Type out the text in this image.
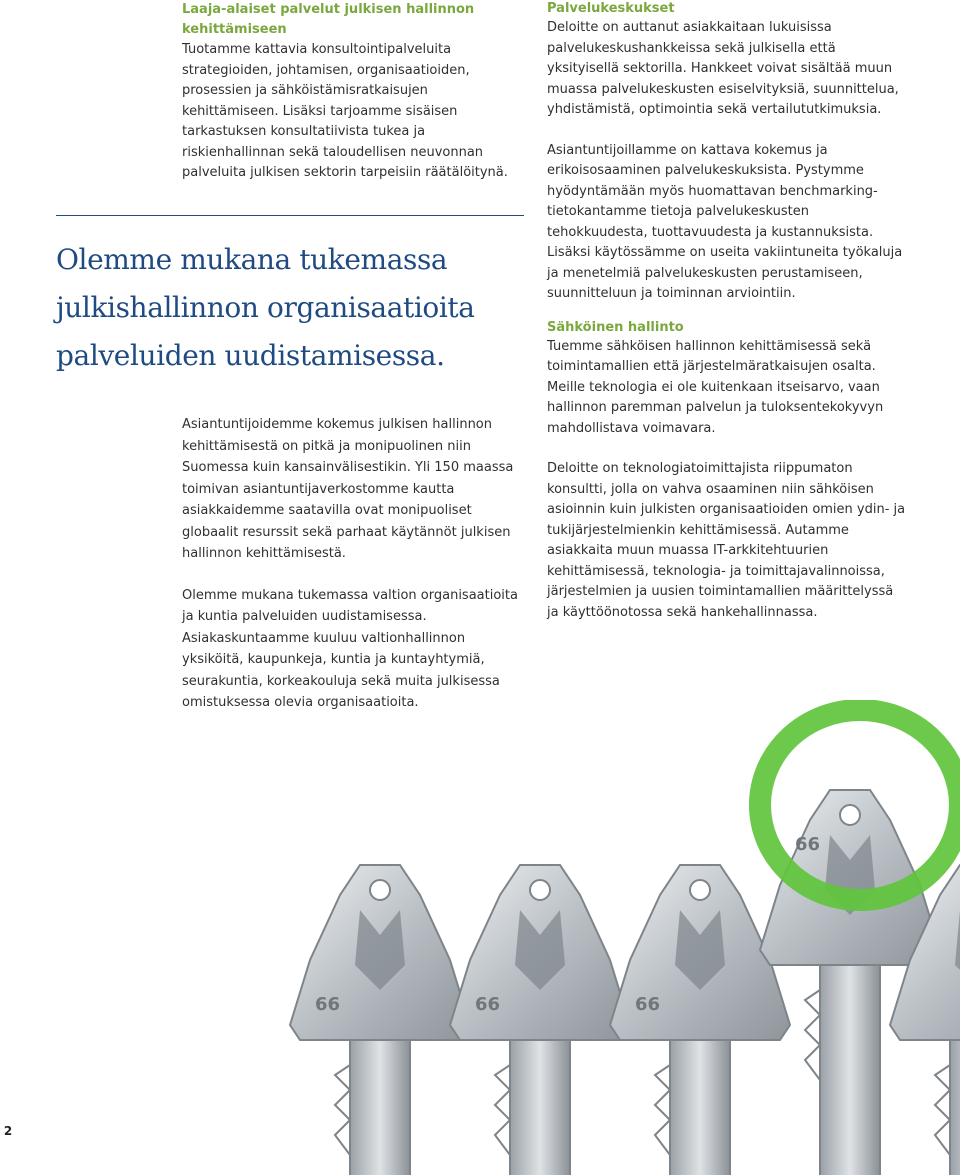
Laaja-alaiset palvelut julkisen hallinnon kehittämiseen

Tuotamme kattavia konsultointipalveluita strategioiden, johtamisen, organisaatioiden, prosessien ja sähköistämisratkaisujen kehittämiseen. Lisäksi tarjoamme sisäisen tarkastuksen konsultatiivista tukea ja riskienhallinnan sekä taloudellisen neuvonnan palveluita julkisen sektorin tarpeisiin räätälöitynä.

Olemme mukana tukemassa
julkishallinnon organisaatioita
palveluiden uudistamisessa.

Asiantuntijoidemme kokemus julkisen hallinnon kehittämisestä on pitkä ja monipuolinen niin Suomessa kuin kansainvälisestikin. Yli 150 maassa toimivan asiantuntijaverkostomme kautta asiakkaidemme saatavilla ovat monipuoliset globaalit resurssit sekä parhaat käytännöt julkisen hallinnon kehittämisestä.

Olemme mukana tukemassa valtion organisaatioita ja kuntia palveluiden uudistamisessa. Asiakaskuntaamme kuuluu valtionhallinnon yksiköitä, kaupunkeja, kuntia ja kuntayhtymiä, seurakuntia, korkeakouluja sekä muita julkisessa omistuksessa olevia organisaatioita.

Palvelukeskukset

Deloitte on auttanut asiakkaitaan lukuisissa palvelukeskushankkeissa sekä julkisella että yksityisellä sektorilla. Hankkeet voivat sisältää muun muassa palvelukeskusten esiselvityksiä, suunnittelua, yhdistämistä, optimointia sekä vertailututkimuksia.

Asiantuntijoillamme on kattava kokemus ja erikoisosaaminen palvelukeskuksista. Pystymme hyödyntämään myös huomattavan benchmarking-tietokantamme tietoja palvelukeskusten tehokkuudesta, tuottavuudesta ja kustannuksista. Lisäksi käytössämme on useita vakiintuneita työkaluja ja menetelmiä palvelukeskusten perustamiseen, suunnitteluun ja toiminnan arviointiin.

Sähköinen hallinto

Tuemme sähköisen hallinnon kehittämisessä sekä toimintamallien että järjestelmäratkaisujen osalta. Meille teknologia ei ole kuitenkaan itseisarvo, vaan hallinnon paremman palvelun ja tuloksentekokyvyn mahdollistava voimavara.

Deloitte on teknologiatoimittajista riippumaton konsultti, jolla on vahva osaaminen niin sähköisen asioinnin kuin julkisten organisaatioiden omien ydin- ja tukijärjestelmienkin kehittämisessä. Autamme asiakkaita muun muassa IT-arkkitehtuurien kehittämisessä, teknologia- ja toimittajavalinnoissa, järjestelmien ja uusien toimintamallien määrittelyssä ja käyttöönotossa sekä hankehallinnassa.

66	66	66
66
2
